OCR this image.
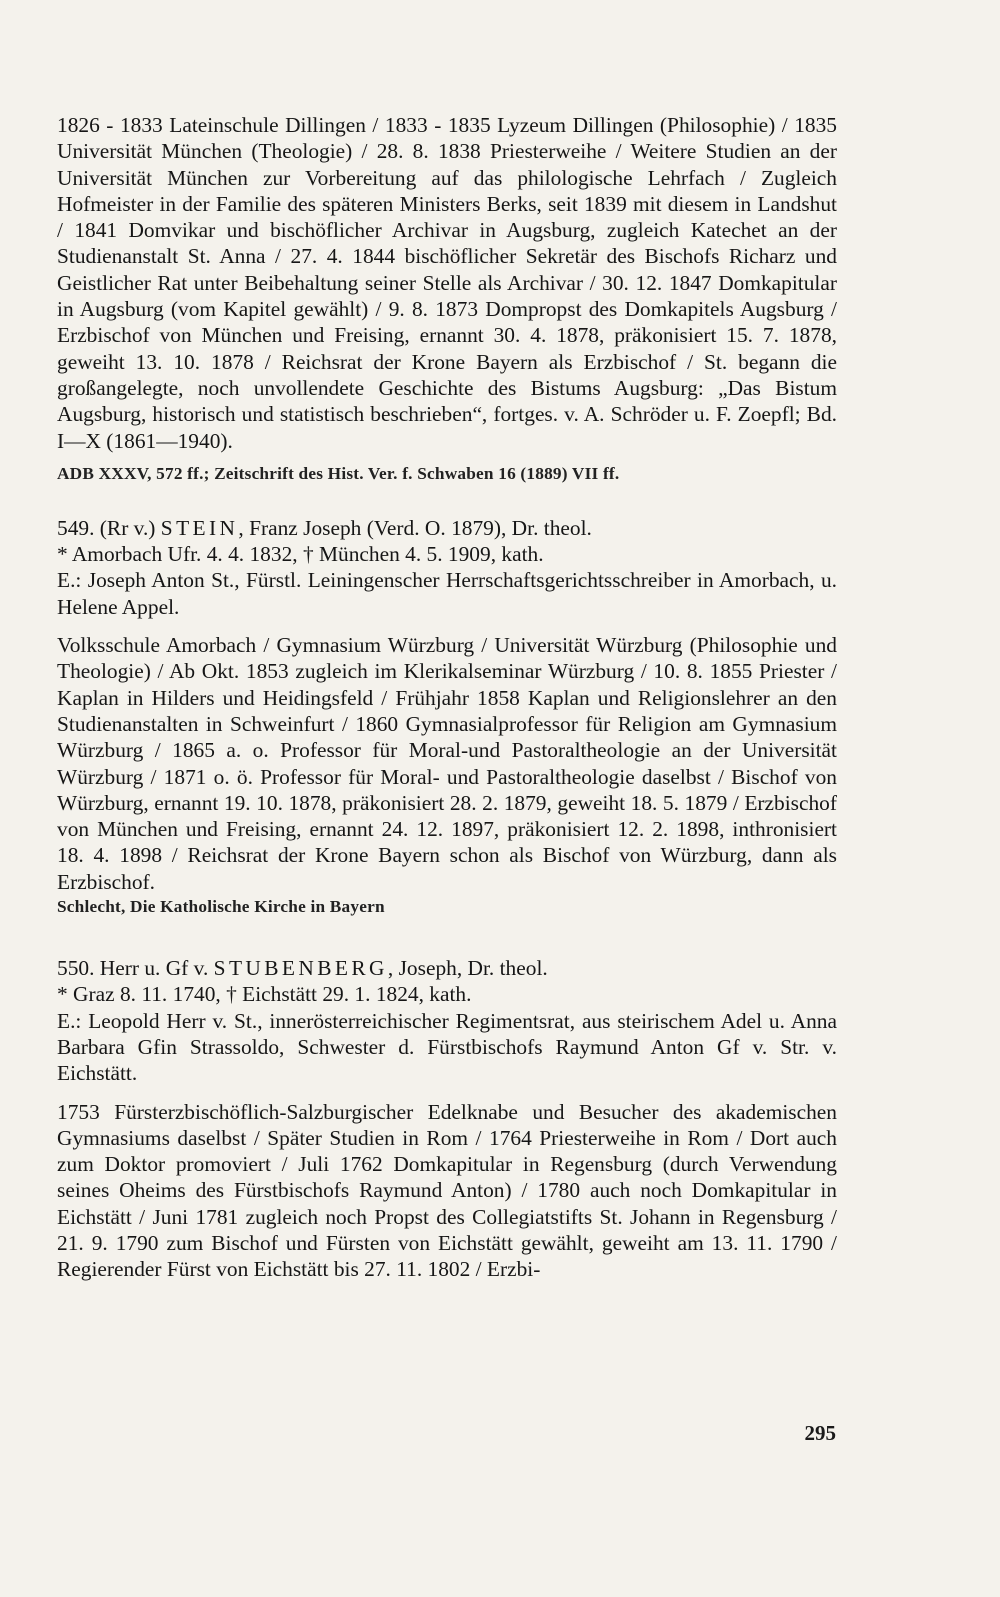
1826 - 1833 Lateinschule Dillingen / 1833 - 1835 Lyzeum Dillingen (Philosophie) / 1835 Universität München (Theologie) / 28. 8. 1838 Priesterweihe / Weitere Studien an der Universität München zur Vorbereitung auf das philologische Lehrfach / Zugleich Hofmeister in der Familie des späteren Ministers Berks, seit 1839 mit diesem in Landshut / 1841 Domvikar und bischöflicher Archivar in Augsburg, zugleich Katechet an der Studienanstalt St. Anna / 27. 4. 1844 bischöflicher Sekretär des Bischofs Richarz und Geistlicher Rat unter Beibehaltung seiner Stelle als Archivar / 30. 12. 1847 Domkapitular in Augsburg (vom Kapitel gewählt) / 9. 8. 1873 Dompropst des Domkapitels Augsburg / Erzbischof von München und Freising, ernannt 30. 4. 1878, präkonisiert 15. 7. 1878, geweiht 13. 10. 1878 / Reichsrat der Krone Bayern als Erzbischof / St. begann die großangelegte, noch unvollendete Geschichte des Bistums Augsburg: „Das Bistum Augsburg, historisch und statistisch beschrieben“, fortges. v. A. Schröder u. F. Zoepfl; Bd. I—X (1861—1940).

ADB XXXV, 572 ff.; Zeitschrift des Hist. Ver. f. Schwaben 16 (1889) VII ff.

549. (Rr v.) STEIN, Franz Joseph (Verd. O. 1879), Dr. theol.

* Amorbach Ufr. 4. 4. 1832, † München 4. 5. 1909, kath.

E.: Joseph Anton St., Fürstl. Leiningenscher Herrschaftsgerichtsschreiber in Amorbach, u. Helene Appel.

Volksschule Amorbach / Gymnasium Würzburg / Universität Würzburg (Philosophie und Theologie) / Ab Okt. 1853 zugleich im Klerikalseminar Würzburg / 10. 8. 1855 Priester / Kaplan in Hilders und Heidingsfeld / Frühjahr 1858 Kaplan und Religionslehrer an den Studienanstalten in Schweinfurt / 1860 Gymnasialprofessor für Religion am Gymnasium Würzburg / 1865 a. o. Professor für Moral-und Pastoraltheologie an der Universität Würzburg / 1871 o. ö. Professor für Moral- und Pastoraltheologie daselbst / Bischof von Würzburg, ernannt 19. 10. 1878, präkonisiert 28. 2. 1879, geweiht 18. 5. 1879 / Erzbischof von München und Freising, ernannt 24. 12. 1897, präkonisiert 12. 2. 1898, inthronisiert 18. 4. 1898 / Reichsrat der Krone Bayern schon als Bischof von Würzburg, dann als Erzbischof.

Schlecht, Die Katholische Kirche in Bayern

550. Herr u. Gf v. STUBENBERG, Joseph, Dr. theol.

* Graz 8. 11. 1740, † Eichstätt 29. 1. 1824, kath.

E.: Leopold Herr v. St., innerösterreichischer Regimentsrat, aus steirischem Adel u. Anna Barbara Gfin Strassoldo, Schwester d. Fürstbischofs Raymund Anton Gf v. Str. v. Eichstätt.

1753 Fürsterzbischöflich-Salzburgischer Edelknabe und Besucher des akademischen Gymnasiums daselbst / Später Studien in Rom / 1764 Priesterweihe in Rom / Dort auch zum Doktor promoviert / Juli 1762 Domkapitular in Regensburg (durch Verwendung seines Oheims des Fürstbischofs Raymund Anton) / 1780 auch noch Domkapitular in Eichstätt / Juni 1781 zugleich noch Propst des Collegiatstifts St. Johann in Regensburg / 21. 9. 1790 zum Bischof und Fürsten von Eichstätt gewählt, geweiht am 13. 11. 1790 / Regierender Fürst von Eichstätt bis 27. 11. 1802 / Erzbi-

295
